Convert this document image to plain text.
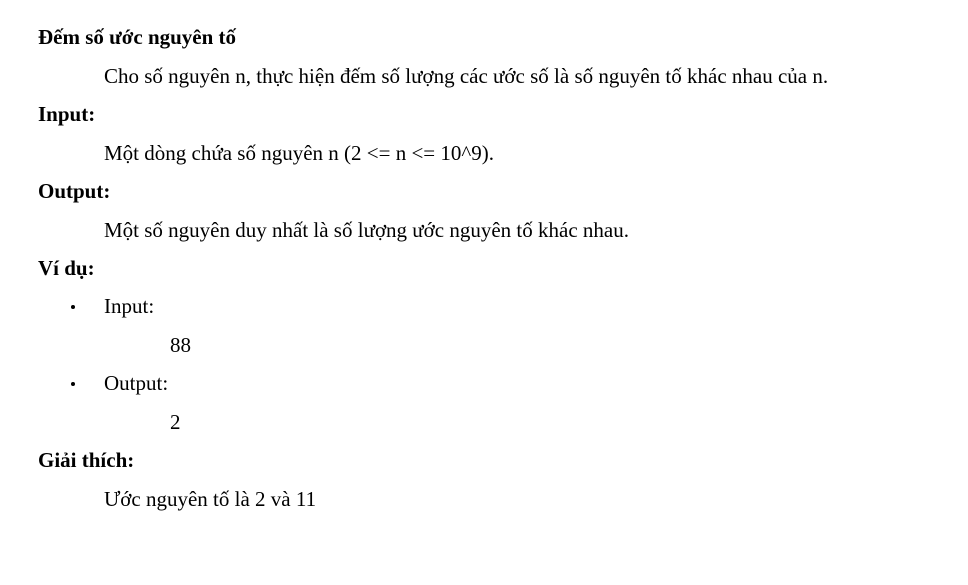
Đếm số ước nguyên tố
Cho số nguyên n, thực hiện đếm số lượng các ước số là số nguyên tố khác nhau của n.
Input:
Một dòng chứa số nguyên n (2 <= n <= 10^9).
Output:
Một số nguyên duy nhất là số lượng ước nguyên tố khác nhau.
Ví dụ:
Input:
88
Output:
2
Giải thích:
Ước nguyên tố là 2 và 11
